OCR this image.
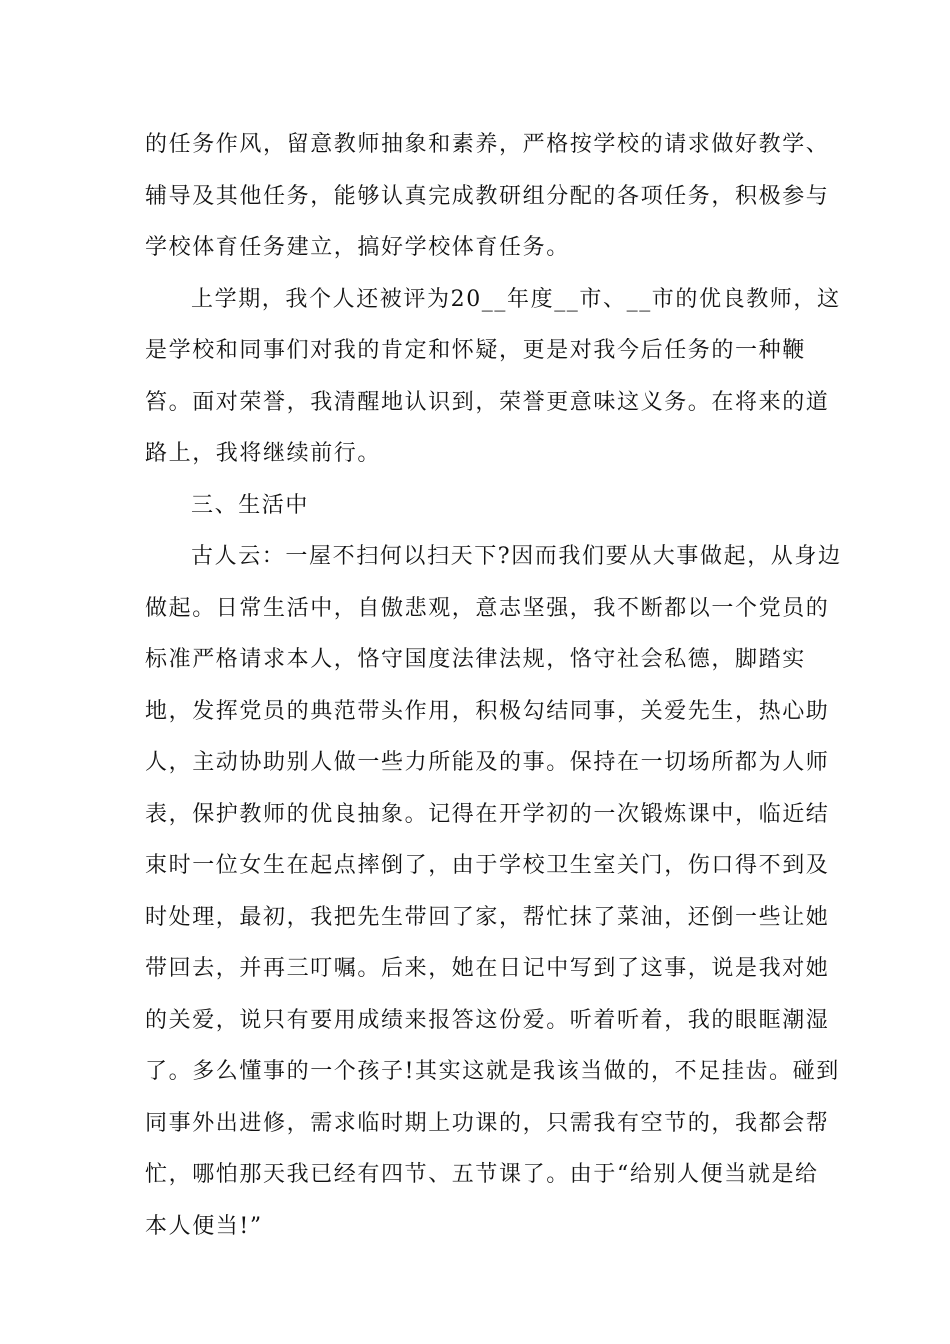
的任务作风，留意教师抽象和素养，严格按学校的请求做好教学、
辅导及其他任务，能够认真完成教研组分配的各项任务，积极参与
学校体育任务建立，搞好学校体育任务。
上学期，我个人还被评为20__年度__市、__市的优良教师，这
是学校和同事们对我的肯定和怀疑，更是对我今后任务的一种鞭
笞。面对荣誉，我清醒地认识到，荣誉更意味这义务。在将来的道
路上，我将继续前行。
三、生活中
古人云：一屋不扫何以扫天下?因而我们要从大事做起，从身边
做起。日常生活中，自傲悲观，意志坚强，我不断都以一个党员的
标准严格请求本人，恪守国度法律法规，恪守社会私德，脚踏实
地，发挥党员的典范带头作用，积极勾结同事，关爱先生，热心助
人，主动协助别人做一些力所能及的事。保持在一切场所都为人师
表，保护教师的优良抽象。记得在开学初的一次锻炼课中，临近结
束时一位女生在起点摔倒了，由于学校卫生室关门，伤口得不到及
时处理，最初，我把先生带回了家，帮忙抹了菜油，还倒一些让她
带回去，并再三叮嘱。后来，她在日记中写到了这事，说是我对她
的关爱，说只有要用成绩来报答这份爱。听着听着，我的眼眶潮湿
了。多么懂事的一个孩子!其实这就是我该当做的，不足挂齿。碰到
同事外出进修，需求临时期上功课的，只需我有空节的，我都会帮
忙，哪怕那天我已经有四节、五节课了。由于“给别人便当就是给
本人便当!”
